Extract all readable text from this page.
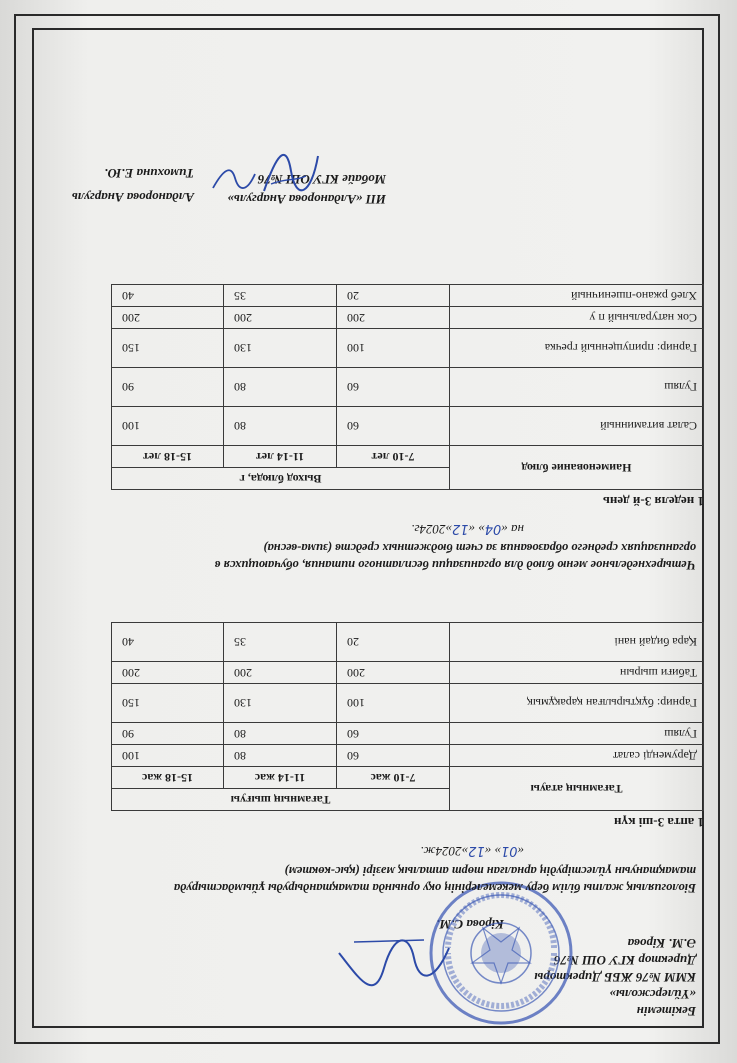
Бекітемін
«Үйлерсжолы»
КММ №76 ЖББ Директоры
Директор КГУ ОШ №76
Ә.М. Кірова
Кірова С.М.
Біологиялық жалпы білім беру мекемелерінің оқу орнында тамақтандыруды ұйымдастыруда
тамақтануын үйлестірудің арналған төрт апталық мәзірі (қыс-көктем)
«01» «12»2024ж.
1 апта 3-ші күн
Тағамның атауы	Тағамның шығуы		
	7-10 жас	11-14 жас	15-18 жас
Дәрумендi салат	60	80	100
Гуляш	60	80	90
Гарнир: бұқтырылған қарақұмық	100	130	150
Табиғи шырын	200	200	200
Қара бидай нанi	20	35	40
Четырехнедельное меню блюд для организации бесплатного питания, обучающихся в
организациях среднего образования за счет бюджетных средств (зима-весна)
на «04» «12»2024г.
1 неделя 3-й день
Наименование блюд	Выход блюда, г		
	7-10 лет	11-14 лет	15-18 лет
Салат витаминный	60	80	100
Гуляш	60	80	90
Гарнир: припущенный гречка	100	130	150
Сок натуральный п у	200	200	200
Хлеб ржано-пшеничный	20	35	40
ИП «Алданорова Анаргуль»
Мобайе КГУ ОШ №76
Алданорова Анаргуль
Тимохина Е.Ю.
